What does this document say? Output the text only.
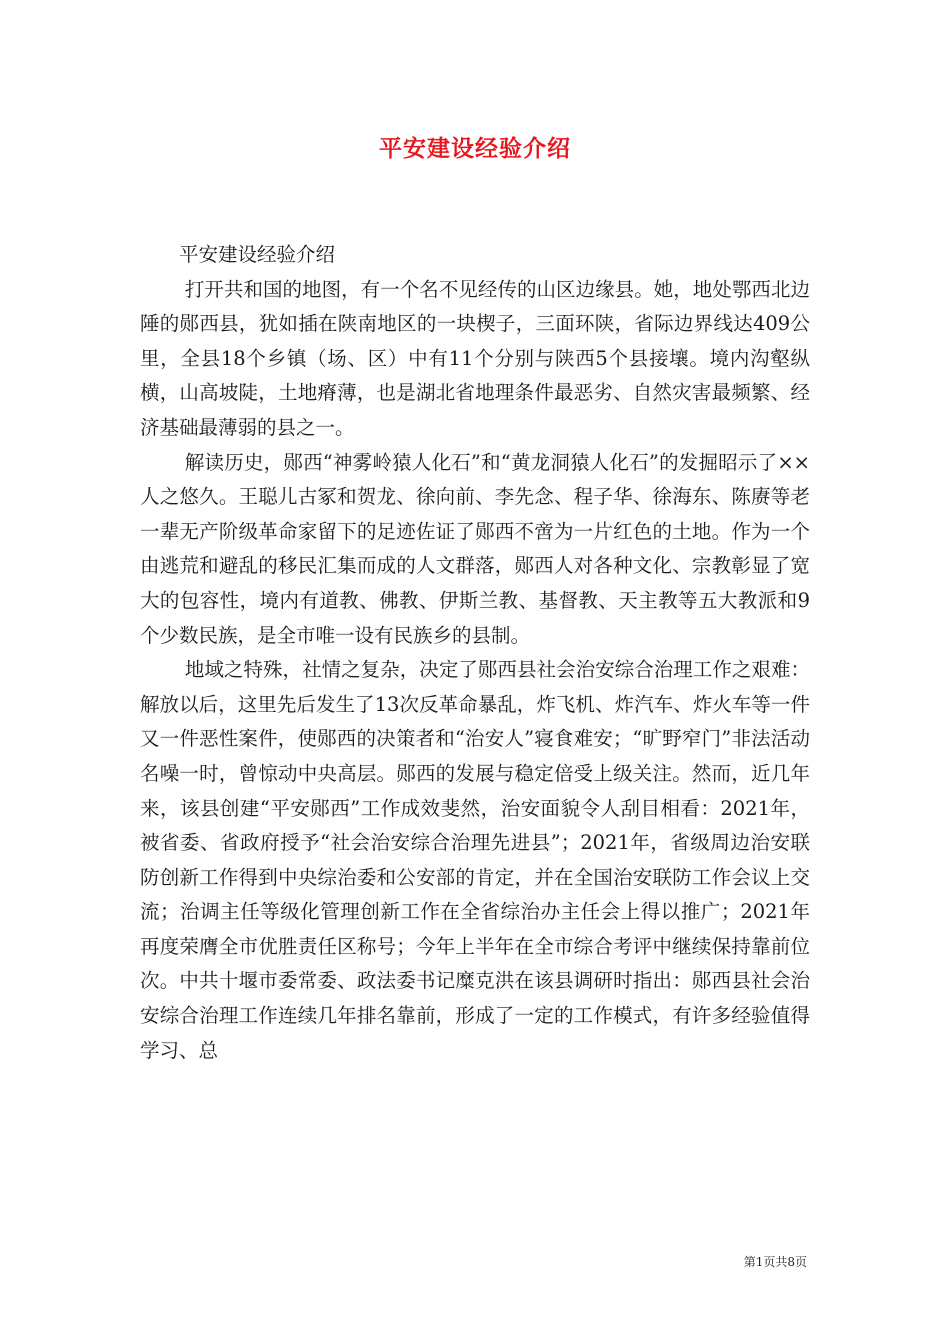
平安建设经验介绍

平安建设经验介绍

打开共和国的地图，有一个名不见经传的山区边缘县。她，地处鄂西北边陲的郧西县，犹如插在陕南地区的一块楔子，三面环陕，省际边界线达409公里，全县18个乡镇（场、区）中有11个分别与陕西5个县接壤。境内沟壑纵横，山高坡陡，土地瘠薄，也是湖北省地理条件最恶劣、自然灾害最频繁、经济基础最薄弱的县之一。

解读历史，郧西“神雾岭猿人化石”和“黄龙洞猿人化石”的发掘昭示了××人之悠久。王聪儿古冢和贺龙、徐向前、李先念、程子华、徐海东、陈赓等老一辈无产阶级革命家留下的足迹佐证了郧西不啻为一片红色的土地。作为一个由逃荒和避乱的移民汇集而成的人文群落，郧西人对各种文化、宗教彰显了宽大的包容性，境内有道教、佛教、伊斯兰教、基督教、天主教等五大教派和9个少数民族，是全市唯一设有民族乡的县制。

地域之特殊，社情之复杂，决定了郧西县社会治安综合治理工作之艰难：解放以后，这里先后发生了13次反革命暴乱，炸飞机、炸汽车、炸火车等一件又一件恶性案件，使郧西的决策者和“治安人”寝食难安；“旷野窄门”非法活动名噪一时，曾惊动中央高层。郧西的发展与稳定倍受上级关注。然而，近几年来，该县创建“平安郧西”工作成效斐然，治安面貌令人刮目相看：2021年，被省委、省政府授予“社会治安综合治理先进县”；2021年，省级周边治安联防创新工作得到中央综治委和公安部的肯定，并在全国治安联防工作会议上交流；治调主任等级化管理创新工作在全省综治办主任会上得以推广；2021年再度荣膺全市优胜责任区称号；今年上半年在全市综合考评中继续保持靠前位次。中共十堰市委常委、政法委书记糜克洪在该县调研时指出：郧西县社会治安综合治理工作连续几年排名靠前，形成了一定的工作模式，有许多经验值得学习、总

第1页共8页
